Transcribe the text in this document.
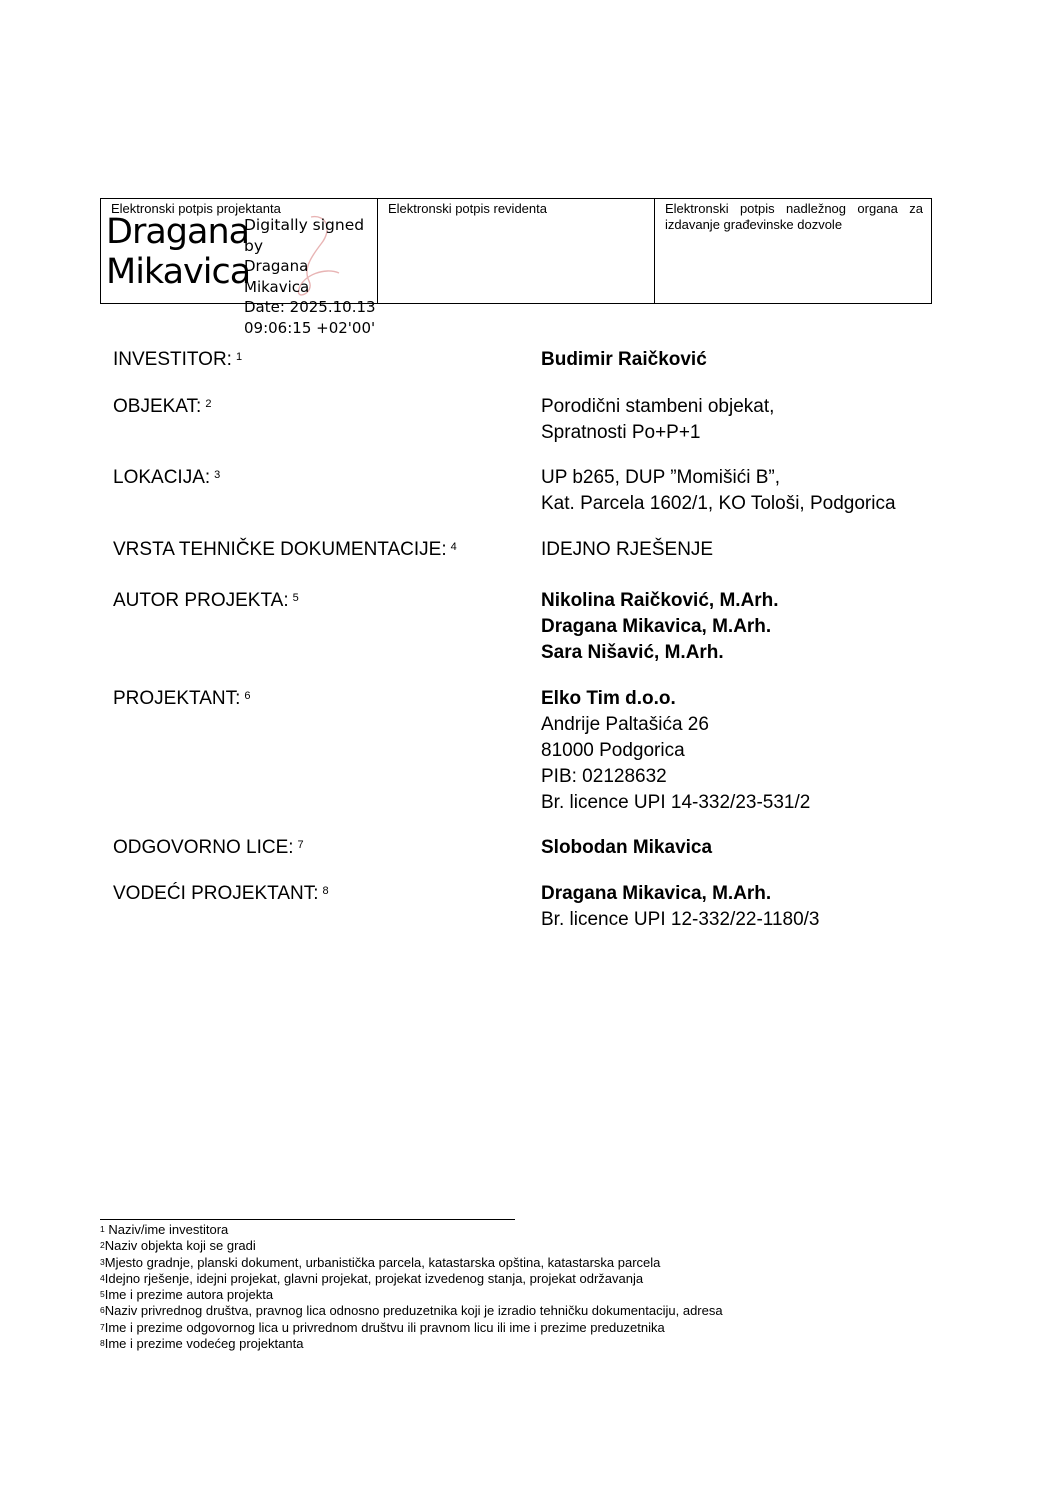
Elektronski potpis projektanta
Dragana
Mikavica
Digitally signed by
Dragana Mikavica
Date: 2025.10.13
09:06:15 +02'00'
Elektronski potpis revidenta	Elektronski potpis nadležnog organa za izdavanje građevinske dozvole
INVESTITOR: $^1$	Budimir Raičković
OBJEKAT: $^2$	Porodični stambeni objekat,
Spratnosti Po+P+1
LOKACIJA: $^3$	UP b265, DUP ”Momišići B”,
Kat. Parcela 1602/1, KO Tološi, Podgorica
VRSTA TEHNIČKE DOKUMENTACIJE: $^4$	IDEJNO RJEŠENJE
AUTOR PROJEKTA: $^5$	Nikolina Raičković, M.Arh.
Dragana Mikavica, M.Arh.
Sara Nišavić, M.Arh.
PROJEKTANT: $^6$	Elko Tim d.o.o.
Andrije Paltašića 26
81000 Podgorica
PIB: 02128632
Br. licence UPI 14-332/23-531/2
ODGOVORNO LICE: $^7$	Slobodan Mikavica
VODEĆI PROJEKTANT: $^8$	Dragana Mikavica, M.Arh.
Br. licence UPI 12-332/22-1180/3
$^1$ Naziv/ime investitora
$^2$Naziv objekta koji se gradi
$^3$Mjesto gradnje, planski dokument, urbanistička parcela, katastarska opština, katastarska parcela
$^4$Idejno rješenje, idejni projekat, glavni projekat, projekat izvedenog stanja, projekat održavanja
$^5$Ime i prezime autora projekta
$^6$Naziv privrednog društva, pravnog lica odnosno preduzetnika koji je izradio tehničku dokumentaciju, adresa
$^7$Ime i prezime odgovornog lica u privrednom društvu ili pravnom licu ili ime i prezime preduzetnika
$^8$Ime i prezime vodećeg projektanta
